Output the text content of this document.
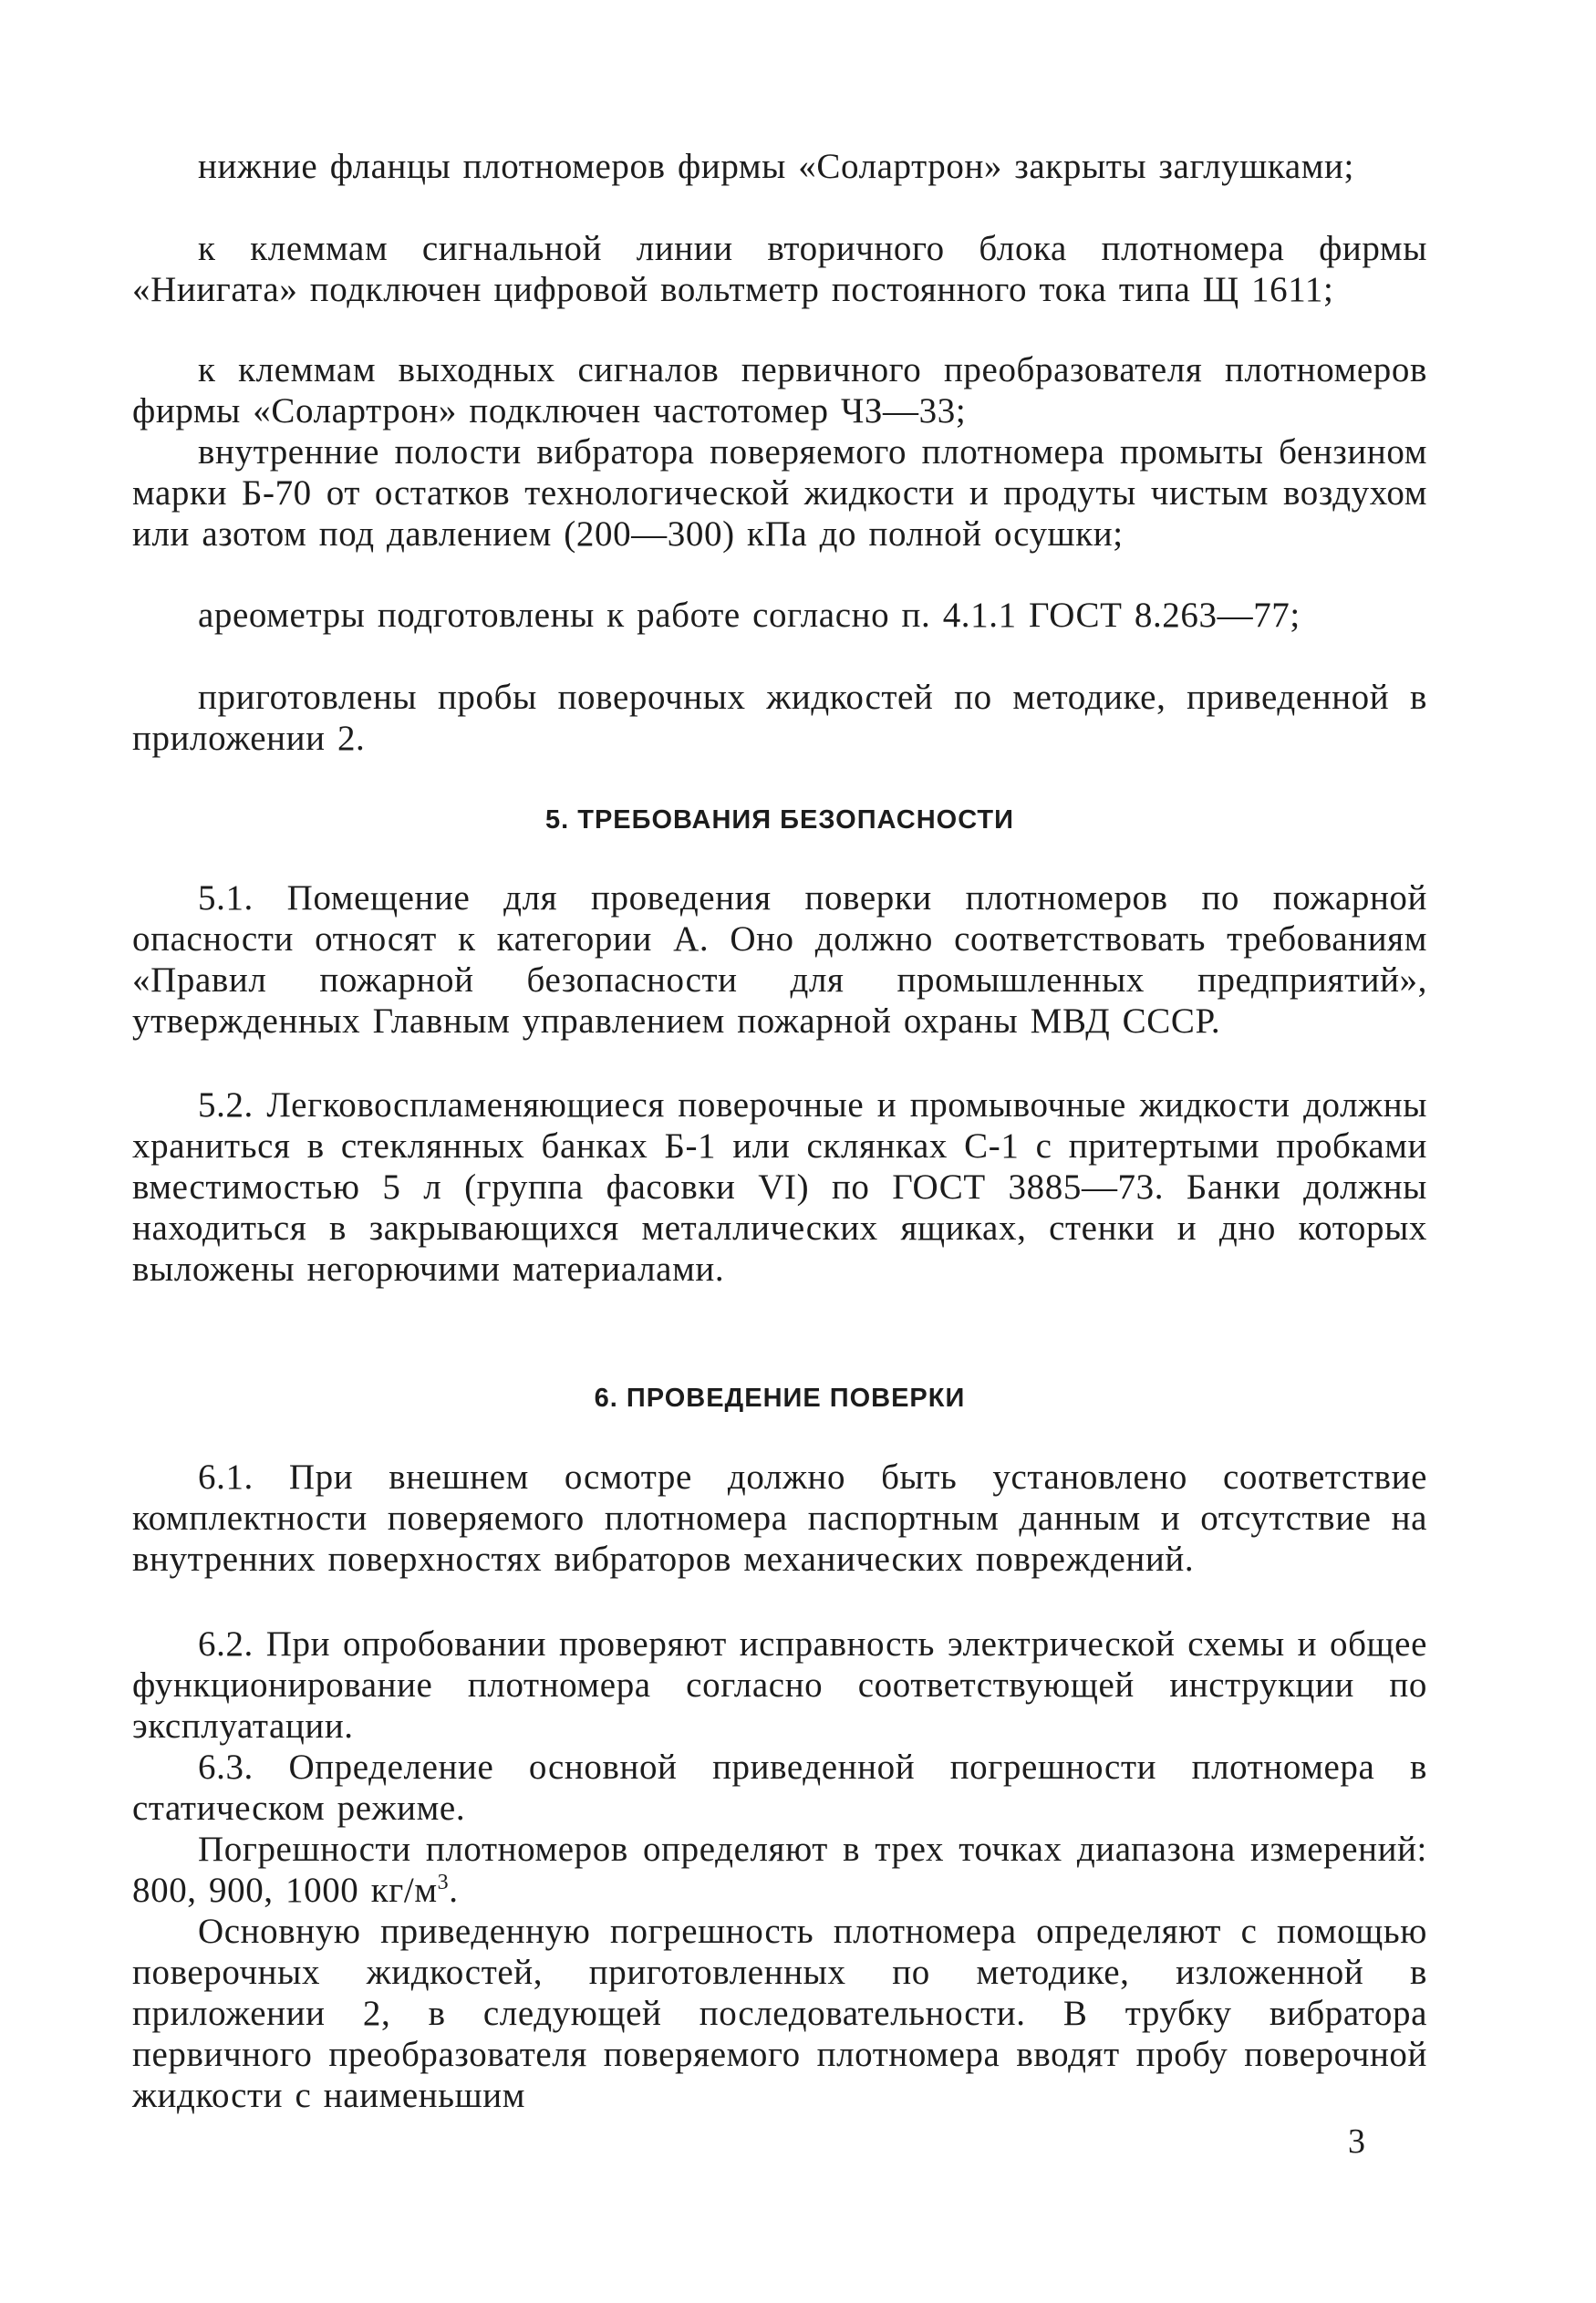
нижние фланцы плотномеров фирмы «Солартрон» закрыты заглушками;

к клеммам сигнальной линии вторичного блока плотномера фирмы «Ниигата» подключен цифровой вольтметр постоянного тока типа Щ 1611;

к клеммам выходных сигналов первичного преобразователя плотномеров фирмы «Солартрон» подключен частотомер ЧЗ—33;

внутренние полости вибратора поверяемого плотномера промыты бензином марки Б-70 от остатков технологической жидкости и продуты чистым воздухом или азотом под давлением (200—300) кПа до полной осушки;

ареометры подготовлены к работе согласно п. 4.1.1 ГОСТ 8.263—77;

приготовлены пробы поверочных жидкостей по методике, приведенной в приложении 2.

5. ТРЕБОВАНИЯ БЕЗОПАСНОСТИ

5.1. Помещение для проведения поверки плотномеров по пожарной опасности относят к категории А. Оно должно соответствовать требованиям «Правил пожарной безопасности для промышленных предприятий», утвержденных Главным управлением пожарной охраны МВД СССР.

5.2. Легковоспламеняющиеся поверочные и промывочные жидкости должны храниться в стеклянных банках Б-1 или склянках С-1 с притертыми пробками вместимостью 5 л (группа фасовки VI) по ГОСТ 3885—73. Банки должны находиться в закрывающихся металлических ящиках, стенки и дно которых выложены негорючими материалами.

6. ПРОВЕДЕНИЕ ПОВЕРКИ

6.1. При внешнем осмотре должно быть установлено соответствие комплектности поверяемого плотномера паспортным данным и отсутствие на внутренних поверхностях вибраторов механических повреждений.

6.2. При опробовании проверяют исправность электрической схемы и общее функционирование плотномера согласно соответствующей инструкции по эксплуатации.

6.3. Определение основной приведенной погрешности плотномера в статическом режиме.

Погрешности плотномеров определяют в трех точках диапазона измерений: 800, 900, 1000 $кг/м^3$.

Основную приведенную погрешность плотномера определяют с помощью поверочных жидкостей, приготовленных по методике, изложенной в приложении 2, в следующей последовательности. В трубку вибратора первичного преобразователя поверяемого плотномера вводят пробу поверочной жидкости с наименьшим

3
